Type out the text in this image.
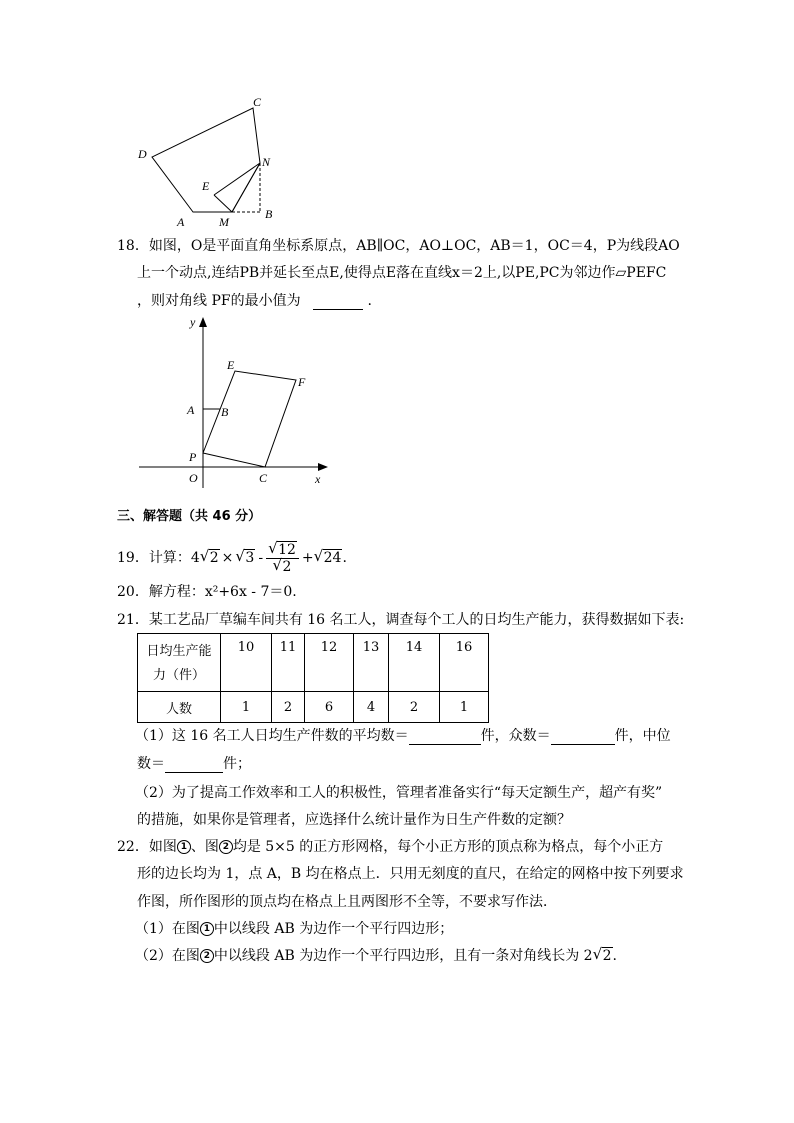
C
D
N
E
A	M
B
18．如图，O是平面直角坐标系原点，AB∥OC，AO⊥OC，AB＝1，OC＝4，P为线段AO
上一个动点,连结PB并延长至点E,使得点E落在直线x＝2上,以PE,PC为邻边作▱PEFC
，则对角线 PF的最小值为	.
y
x
E
F
A B
P
O	C
三、解答题（共 46 分）
19．计算： 4 √ 2 × √ $3 - \frac{√ 12}{√ 2}$ + √ 24 .
20．解方程：x²+6x - 7＝0.
21．某工艺品厂草编车间共有 16 名工人，调查每个工人的日均生产能力，获得数据如下表:
日均生产能
力（件）	10	11	12	13	14	16
人数	1	2	6	4	2	1
（1）这 16 名工人日均生产件数的平均数＝	件，众数＝	件，中位
数＝	件；
（2）为了提高工作效率和工人的积极性，管理者准备实行“每天定额生产，超产有奖”
的措施，如果你是管理者，应选择什么统计量作为日生产件数的定额？
22．如图 1 、图 2 均是 5×5 的正方形网格，每个小正方形的顶点称为格点，每个小正方
形的边长均为 1，点 A，B 均在格点上．只用无刻度的直尺，在给定的网格中按下列要求
作图，所作图形的顶点均在格点上且两图形不全等，不要求写作法．
（1）在图 1 中以线段 AB 为边作一个平行四边形；
（2）在图 2 中以线段 AB 为边作一个平行四边形，且有一条对角线长为 2 √ 2.
